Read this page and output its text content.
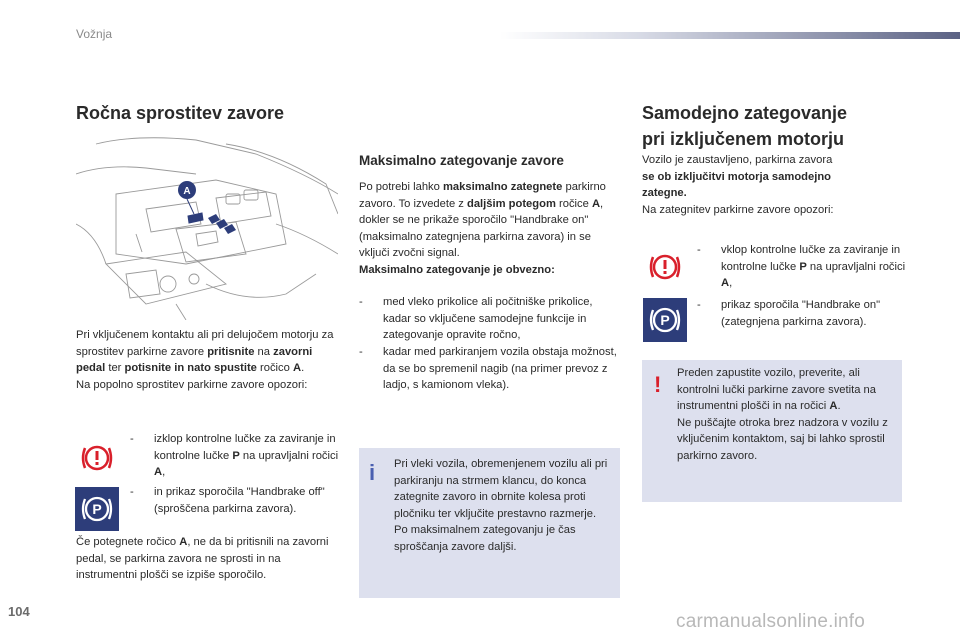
Vožnja
Ročna sprostitev zavore
A
Pri vključenem kontaktu ali pri delujočem motorju za sprostitev parkirne zavore pritisnite na zavorni pedal ter potisnite in nato spustite ročico A.
Na popolno sprostitev parkirne zavore opozori:
- izklop kontrolne lučke za zaviranje in kontrolne lučke P na upravljalni ročici A,
P
- in prikaz sporočila "Handbrake off" (sproščena parkirna zavora).
Če potegnete ročico A, ne da bi pritisnili na zavorni pedal, se parkirna zavora ne sprosti in na instrumentni plošči se izpiše sporočilo.
Maksimalno zategovanje zavore
Po potrebi lahko maksimalno zategnete parkirno zavoro. To izvedete z daljšim potegom ročice A, dokler se ne prikaže sporočilo "Handbrake on" (maksimalno zategnjena parkirna zavora) in se vključi zvočni signal.
Maksimalno zategovanje je obvezno:
- med vleko prikolice ali počitniške prikolice, kadar so vključene samodejne funkcije in zategovanje opravite ročno,
- kadar med parkiranjem vozila obstaja možnost, da se bo spremenil nagib (na primer prevoz z ladjo, s kamionom vleka).
i Pri vleki vozila, obremenjenem vozilu ali pri parkiranju na strmem klancu, do konca zategnite zavoro in obrnite kolesa proti pločniku ter vključite prestavno razmerje.
Po maksimalnem zategovanju je čas sproščanja zavore daljši.
Samodejno zategovanje
pri izključenem motorju
Vozilo je zaustavljeno, parkirna zavora se ob izključitvi motorja samodejno zategne.
Na zategnitev parkirne zavore opozori:
- vklop kontrolne lučke za zaviranje in kontrolne lučke P na upravljalni ročici A,
P
- prikaz sporočila "Handbrake on" (zategnjena parkirna zavora).
! Preden zapustite vozilo, preverite, ali kontrolni lučki parkirne zavore svetita na instrumentni plošči in na ročici A.
Ne puščajte otroka brez nadzora v vozilu z vključenim kontaktom, saj bi lahko sprostil parkirno zavoro.
104	carmanualsonline.info
